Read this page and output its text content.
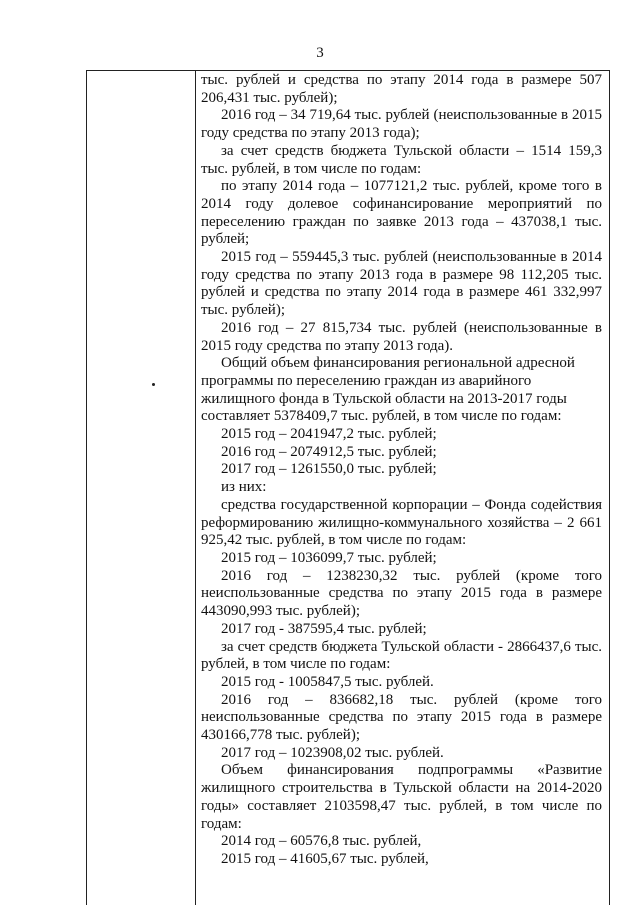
3

тыс. рублей и средства по этапу 2014 года в размере 507 206,431 тыс. рублей);

2016 год – 34 719,64 тыс. рублей (неиспользованные в 2015 году средства по этапу 2013 года);

за счет средств бюджета Тульской области – 1514 159,3 тыс. рублей, в том числе по годам:

по этапу 2014 года – 1077121,2 тыс. рублей, кроме того в 2014 году долевое софинансирование мероприятий по переселению граждан по заявке 2013 года – 437038,1 тыс. рублей;

2015 год – 559445,3 тыс. рублей (неиспользованные в 2014 году средства по этапу 2013 года в размере 98 112,205 тыс. рублей и средства по этапу 2014 года в размере 461 332,997 тыс. рублей);

2016 год – 27 815,734 тыс. рублей (неиспользованные в 2015 году средства по этапу 2013 года).

Общий объем финансирования региональной адресной программы по переселению граждан из аварийного жилищного фонда в Тульской области на 2013-2017 годы составляет 5378409,7 тыс. рублей, в том числе по годам:

2015 год – 2041947,2 тыс. рублей;

2016 год – 2074912,5 тыс. рублей;

2017 год – 1261550,0 тыс. рублей;

из них:

средства государственной корпорации – Фонда содействия реформированию жилищно-коммунального хозяйства – 2 661 925,42 тыс. рублей, в том числе по годам:

2015 год – 1036099,7 тыс. рублей;

2016 год – 1238230,32 тыс. рублей (кроме того неиспользованные средства по этапу 2015 года в размере 443090,993 тыс. рублей);

2017 год - 387595,4 тыс. рублей;

за счет средств бюджета Тульской области - 2866437,6 тыс. рублей, в том числе по годам:

2015 год - 1005847,5 тыс. рублей.

2016 год – 836682,18 тыс. рублей (кроме того неиспользованные средства по этапу 2015 года в размере 430166,778 тыс. рублей);

2017 год – 1023908,02 тыс. рублей.

Объем финансирования подпрограммы «Развитие жилищного строительства в Тульской области на 2014-2020 годы» составляет 2103598,47 тыс. рублей, в том числе по годам:

2014 год – 60576,8 тыс. рублей,

2015 год – 41605,67 тыс. рублей,
